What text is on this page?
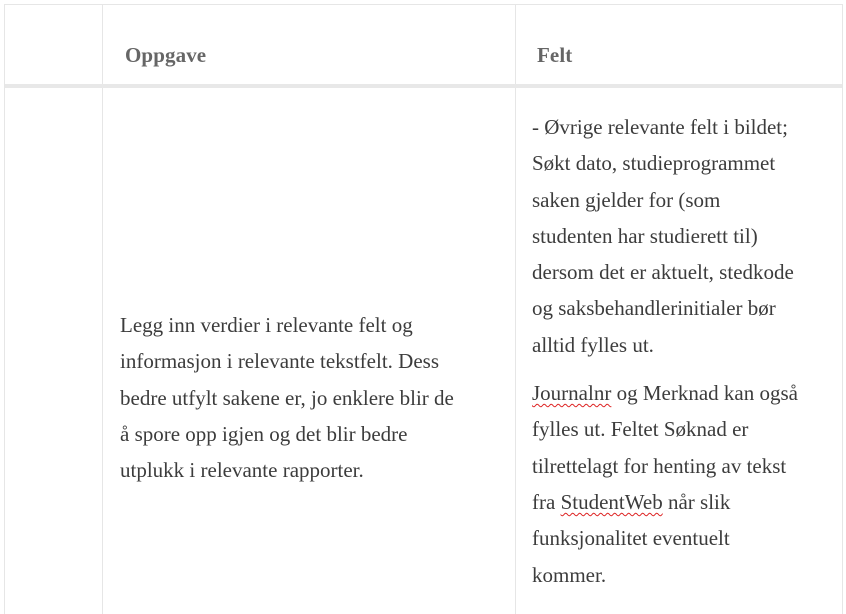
Oppgave	Felt
Legg inn verdier i relevante felt og
informasjon i relevante tekstfelt. Dess
bedre utfylt sakene er, jo enklere blir de
å spore opp igjen og det blir bedre
utplukk i relevante rapporter.
- Øvrige relevante felt i bildet;
Søkt dato, studieprogrammet
saken gjelder for (som
studenten har studierett til)
dersom det er aktuelt, stedkode
og saksbehandlerinitialer bør
alltid fylles ut.
Journalnr og Merknad kan også
fylles ut. Feltet Søknad er
tilrettelagt for henting av tekst
fra StudentWeb når slik
funksjonalitet eventuelt
kommer.
